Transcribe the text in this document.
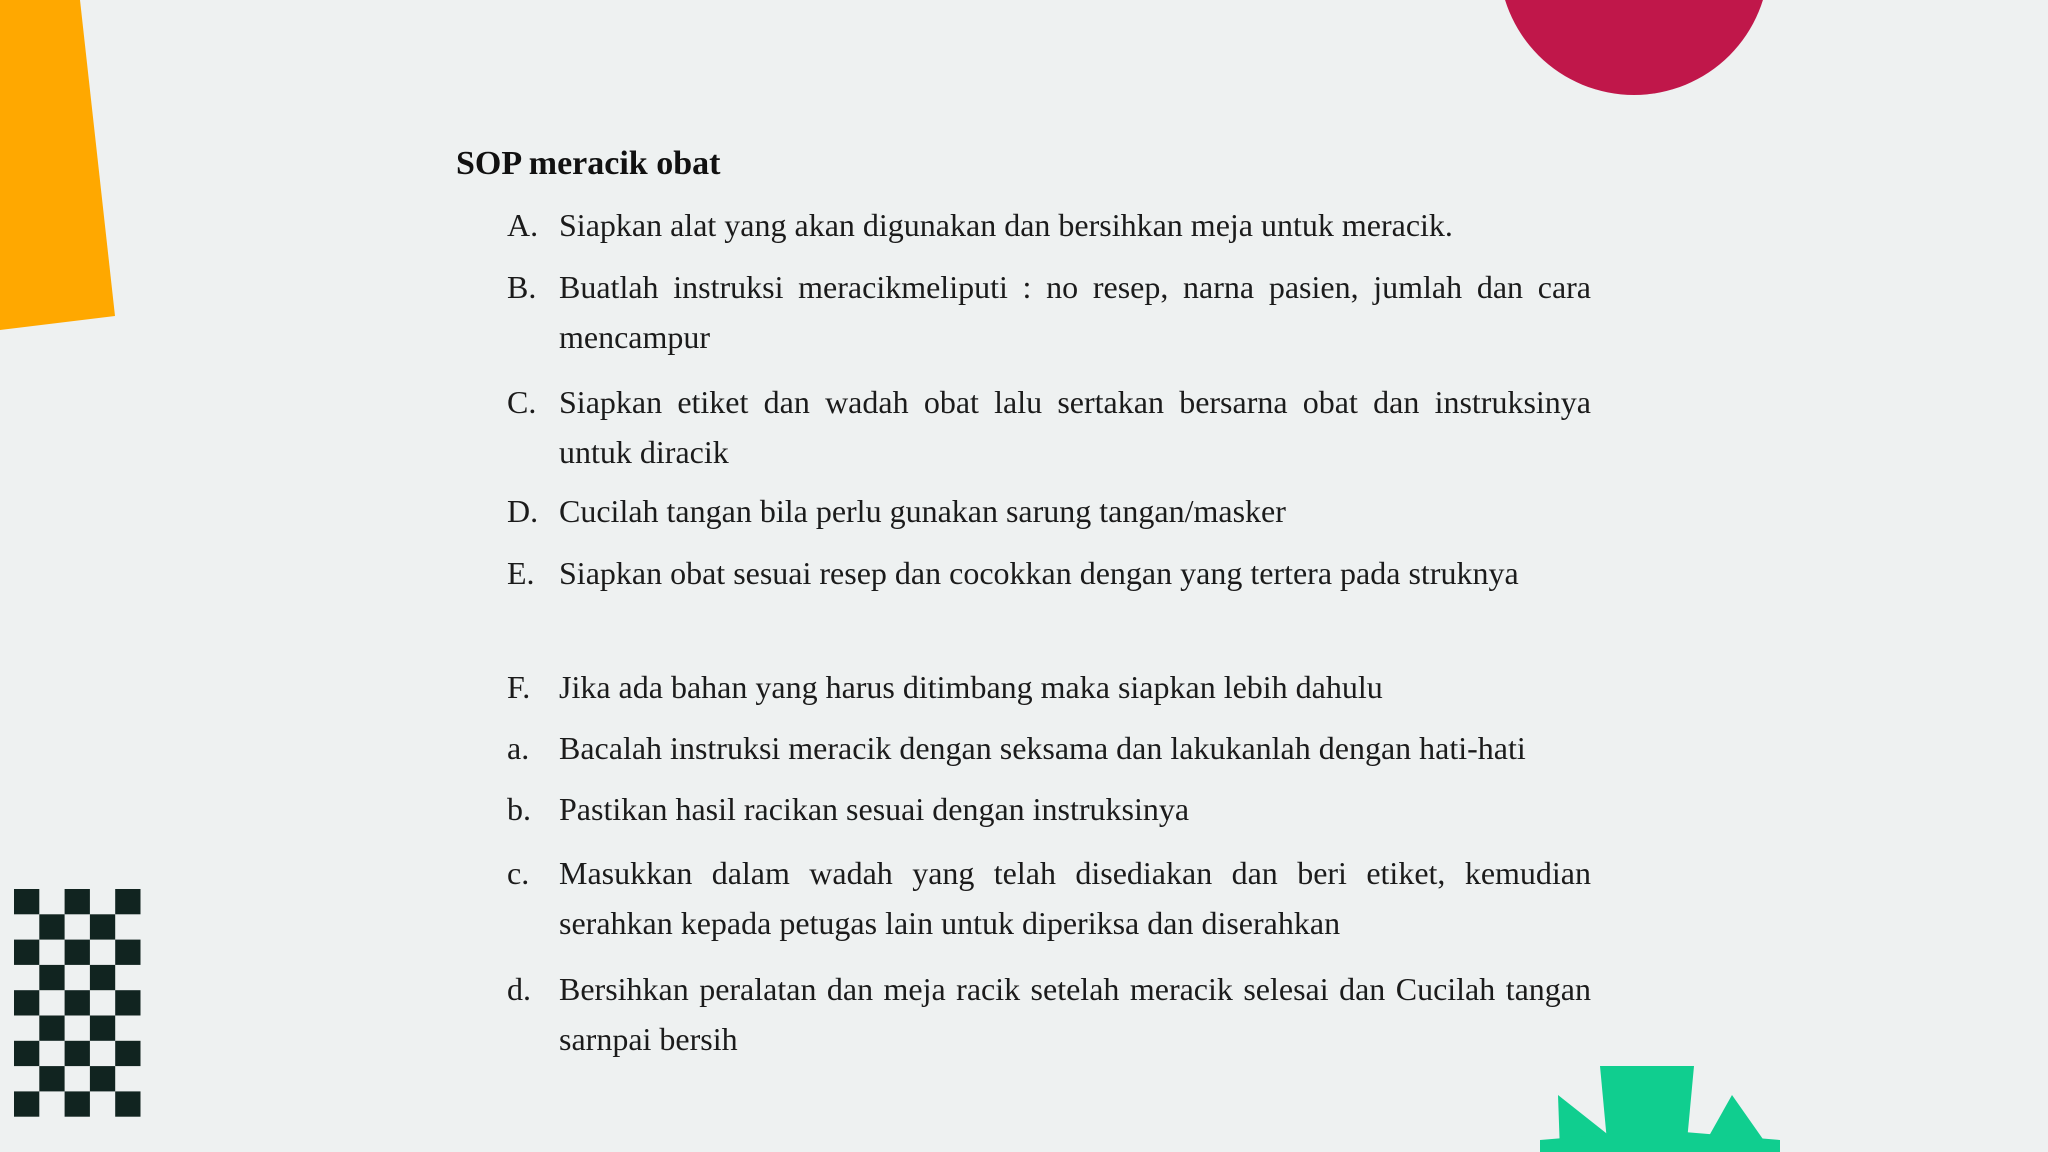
SOP meracik obat
A. Siapkan alat yang akan digunakan dan bersihkan meja untuk meracik.
B. Buatlah instruksi meracikmeliputi : no resep, narna pasien, jumlah dan cara mencampur
C. Siapkan etiket dan wadah obat lalu sertakan bersarna obat dan instruksinya untuk diracik
D. Cucilah tangan bila perlu gunakan sarung tangan/masker
E. Siapkan obat sesuai resep dan cocokkan dengan yang tertera pada struknya
F. Jika ada bahan yang harus ditimbang maka siapkan lebih dahulu
a. Bacalah instruksi meracik dengan seksama dan lakukanlah dengan hati-hati
b. Pastikan hasil racikan sesuai dengan instruksinya
c. Masukkan dalam wadah yang telah disediakan dan beri etiket, kemudian serahkan kepada petugas lain untuk diperiksa dan diserahkan
d. Bersihkan peralatan dan meja racik setelah meracik selesai dan Cucilah tangan sarnpai bersih
